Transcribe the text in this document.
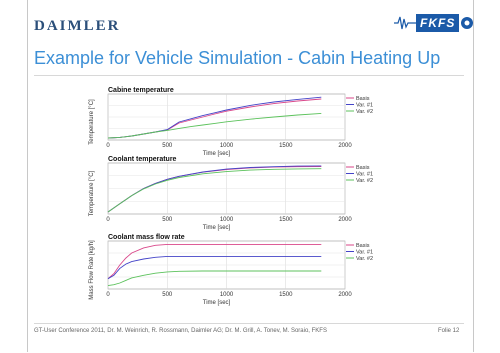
DAIMLER	FKFS
Example for Vehicle Simulation - Cabin Heating Up
0	500	1000	1500	2000
Cabine temperature
Time [sec]
Temperature [°C]
Basis
Var. #1
Var. #2
0	500	1000	1500	2000
Coolant temperature
Time [sec]
Temperature [°C]
Basis
Var. #1
Var. #2
0	500	1000	1500	2000
Coolant mass flow rate
Time [sec]
Mass Flow Rate [kg/h]	Basis
Var. #1
Var. #2
GT-User Conference 2011, Dr. M. Weinrich, R. Rossmann, Daimler AG; Dr. M. Grill, A. Tonev, M. Soraio, FKFS	Folie 12
